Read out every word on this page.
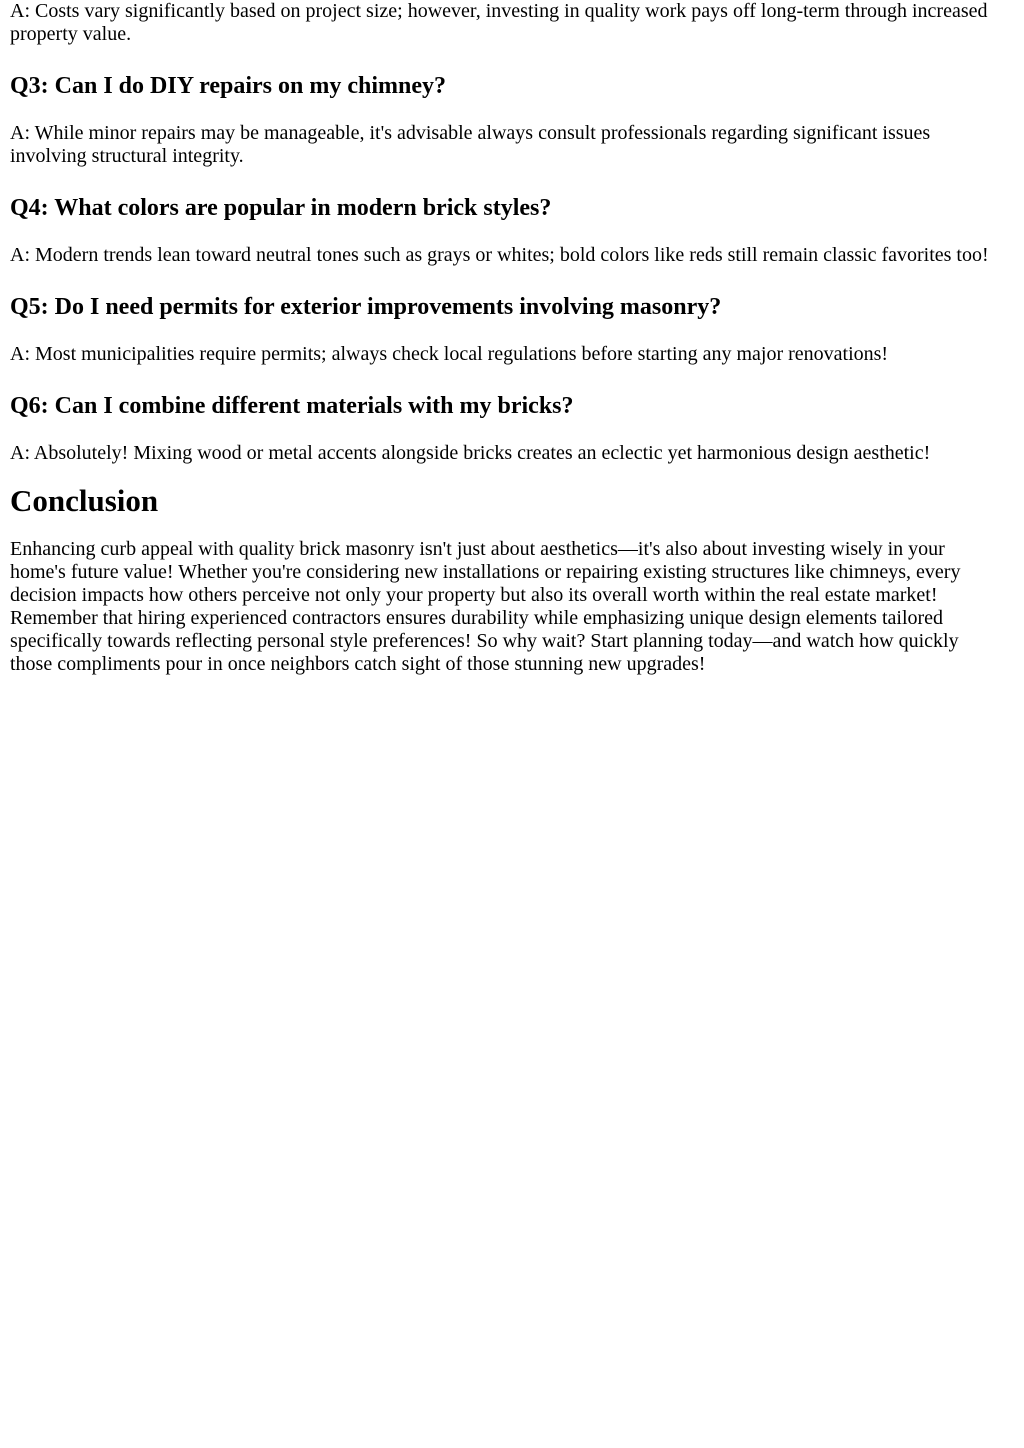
A: Costs vary significantly based on project size; however, investing in quality work pays off long-term through increased property value.

Q3: Can I do DIY repairs on my chimney?

A: While minor repairs may be manageable, it's advisable always consult professionals regarding significant issues involving structural integrity.

Q4: What colors are popular in modern brick styles?

A: Modern trends lean toward neutral tones such as grays or whites; bold colors like reds still remain classic favorites too!

Q5: Do I need permits for exterior improvements involving masonry?

A: Most municipalities require permits; always check local regulations before starting any major renovations!

Q6: Can I combine different materials with my bricks?

A: Absolutely! Mixing wood or metal accents alongside bricks creates an eclectic yet harmonious design aesthetic!

Conclusion

Enhancing curb appeal with quality brick masonry isn't just about aesthetics—it's also about investing wisely in your home's future value! Whether you're considering new installations or repairing existing structures like chimneys, every decision impacts how others perceive not only your property but also its overall worth within the real estate market! Remember that hiring experienced contractors ensures durability while emphasizing unique design elements tailored specifically towards reflecting personal style preferences! So why wait? Start planning today—and watch how quickly those compliments pour in once neighbors catch sight of those stunning new upgrades!
